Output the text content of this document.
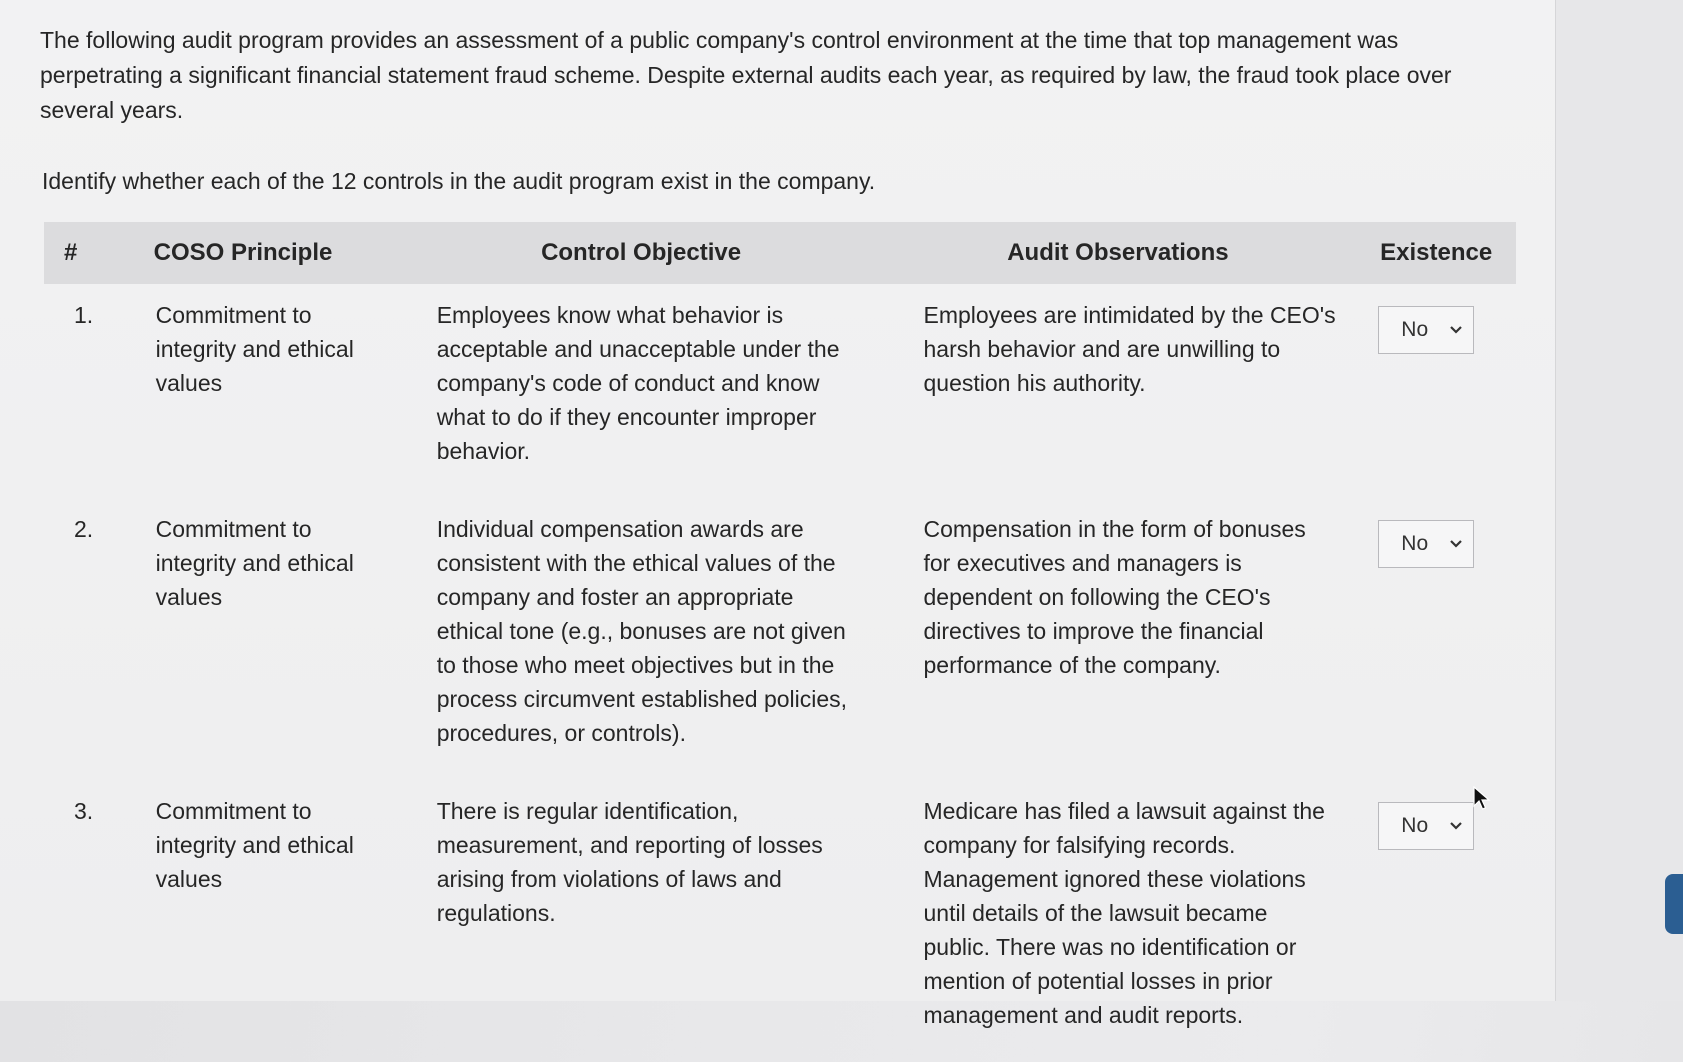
The following audit program provides an assessment of a public company's control environment at the time that top management was perpetrating a significant financial statement fraud scheme. Despite external audits each year, as required by law, the fraud took place over several years.

Identify whether each of the 12 controls in the audit program exist in the company.

#	COSO Principle	Control Objective	Audit Observations	Existence
1.	Commitment to integrity and ethical values	Employees know what behavior is acceptable and unacceptable under the company's code of conduct and know what to do if they encounter improper behavior.	Employees are intimidated by the CEO's harsh behavior and are unwilling to question his authority.	No

2.	Commitment to integrity and ethical values	Individual compensation awards are consistent with the ethical values of the company and foster an appropriate ethical tone (e.g., bonuses are not given to those who meet objectives but in the process circumvent established policies, procedures, or controls).	Compensation in the form of bonuses for executives and managers is dependent on following the CEO's directives to improve the financial performance of the company.	No

3.	Commitment to integrity and ethical values	There is regular identification, measurement, and reporting of losses arising from violations of laws and regulations.	Medicare has filed a lawsuit against the company for falsifying records. Management ignored these violations until details of the lawsuit became public. There was no identification or mention of potential losses in prior management and audit reports.	No
